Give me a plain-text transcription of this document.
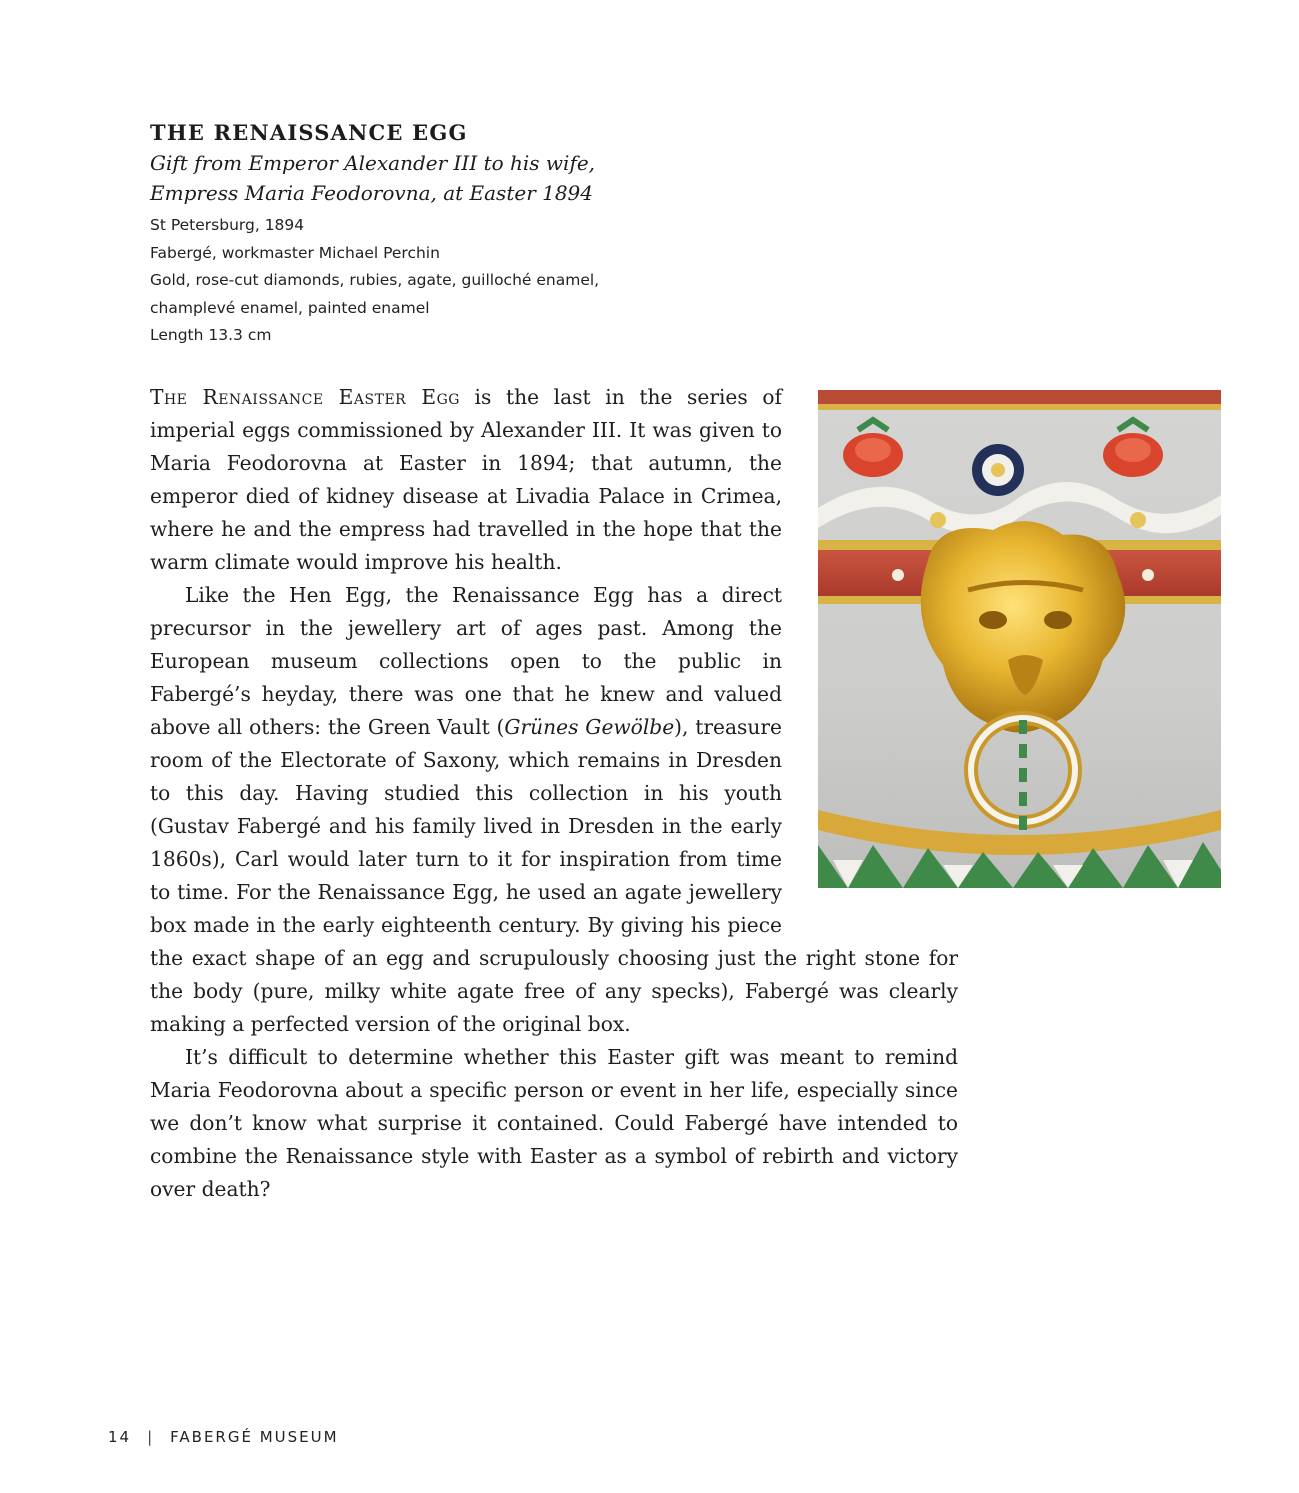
THE RENAISSANCE EGG

Gift from Emperor Alexander III to his wife,

Empress Maria Feodorovna, at Easter 1894

St Petersburg, 1894

Fabergé, workmaster Michael Perchin

Gold, rose-cut diamonds, rubies, agate, guilloché enamel,

champlevé enamel, painted enamel

Length 13.3 cm

The Renaissance Easter Egg is the last in the series of imperial eggs commissioned by Alexander III. It was given to Maria Feodorovna at Easter in 1894; that autumn, the emperor died of kidney disease at Livadia Palace in Crimea, where he and the empress had travelled in the hope that the warm climate would improve his health.

Like the Hen Egg, the Renaissance Egg has a direct precursor in the jewellery art of ages past. Among the European museum collections open to the public in Fabergé’s heyday, there was one that he knew and valued above all others: the Green Vault (Grünes Gewölbe), treasure room of the Electorate of Saxony, which remains in Dresden to this day. Having studied this collection in his youth (Gustav Fabergé and his family lived in Dresden in the early 1860s), Carl would later turn to it for inspiration from time to time. For the Renaissance Egg, he used an agate jewellery box made in the early eighteenth century. By giving his piece the exact shape of an egg and scrupulously choosing just the right stone for the body (pure, milky white agate free of any specks), Fabergé was clearly making a perfected version of the original box.

It’s difficult to determine whether this Easter gift was meant to remind Maria Feodorovna about a specific person or event in her life, especially since we don’t know what surprise it contained. Could Fabergé have intended to combine the Renaissance style with Easter as a symbol of rebirth and victory over death?

14 | FABERGÉ MUSEUM
